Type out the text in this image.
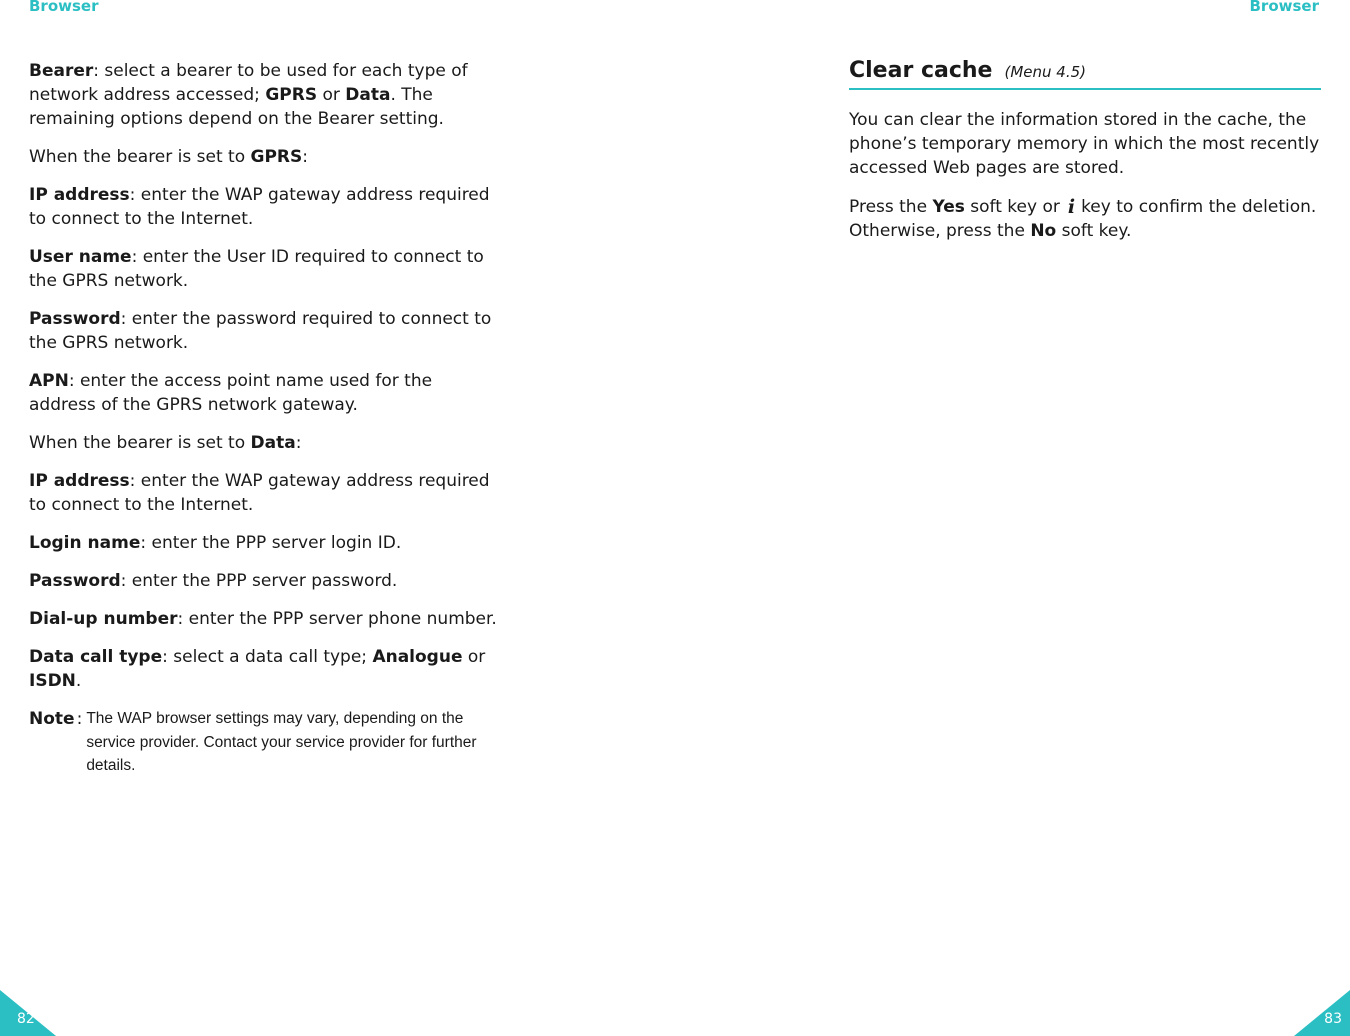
Browser	Browser

Bearer: select a bearer to be used for each type of network address accessed; GPRS or Data. The remaining options depend on the Bearer setting.

When the bearer is set to GPRS:

IP address: enter the WAP gateway address required to connect to the Internet.

User name: enter the User ID required to connect to the GPRS network.

Password: enter the password required to connect to the GPRS network.

APN: enter the access point name used for the address of the GPRS network gateway.

When the bearer is set to Data:

IP address: enter the WAP gateway address required to connect to the Internet.

Login name: enter the PPP server login ID.

Password: enter the PPP server password.

Dial-up number: enter the PPP server phone number.

Data call type: select a data call type; Analogue or ISDN.

Note : The WAP browser settings may vary, depending on the service provider. Contact your service provider for further details.
Clear cache (Menu 4.5)

You can clear the information stored in the cache, the phone’s temporary memory in which the most recently accessed Web pages are stored.

Press the Yes soft key or i key to confirm the deletion. Otherwise, press the No soft key.

82	83
